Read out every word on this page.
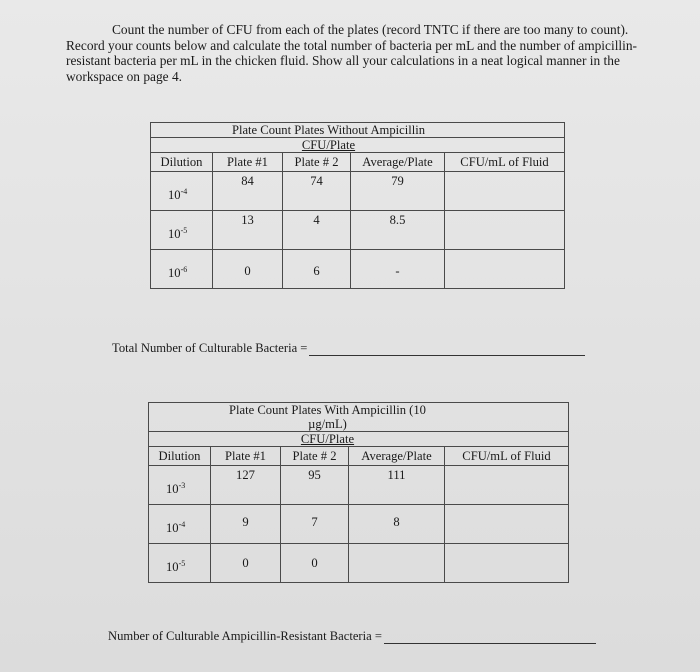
Count the number of CFU from each of the plates (record TNTC if there are too many to count). Record your counts below and calculate the total number of bacteria per mL and the number of ampicillin-resistant bacteria per mL in the chicken fluid. Show all your calculations in a neat logical manner in the workspace on page 4.
	Plate Count Plates Without Ampicillin			
	CFU/Plate			
Dilution	Plate #1	Plate # 2	Average/Plate	CFU/mL of Fluid

$10^{-4}$	84	74	79	

$10^{-5}$	13	4	8.5	

$10^{-6}$	0	6	-	

Total Number of Culturable Bacteria =
	Plate Count Plates With Ampicillin (10 µg/mL)			
	CFU/Plate			
Dilution	Plate #1	Plate # 2	Average/Plate	CFU/mL of Fluid

$10^{-3}$	127	95	111	

$10^{-4}$	9	7	8	

$10^{-5}$	0	0		

Number of Culturable Ampicillin-Resistant Bacteria =
